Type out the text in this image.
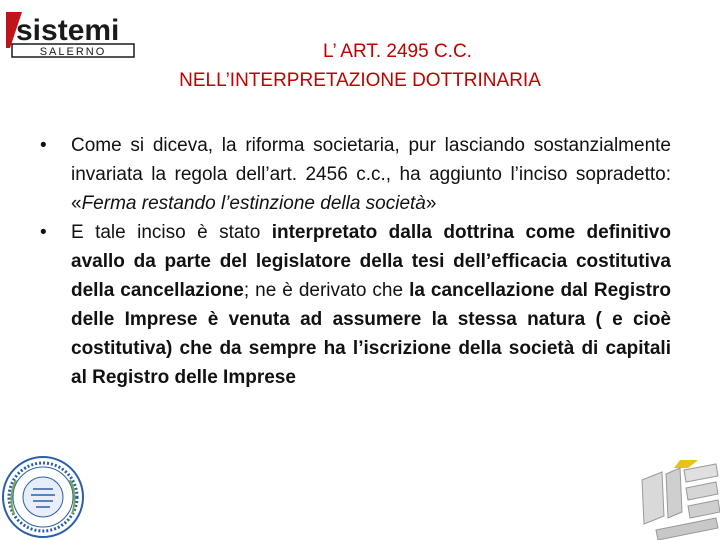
sistemi
SALERNO	L’ ART. 2495 C.C.
NELL’INTERPRETAZIONE DOTTRINARIA
• Come si diceva, la riforma societaria, pur lasciando sostanzialmente invariata la regola dell’art. 2456 c.c., ha aggiunto l’inciso sopradetto: «Ferma restando l’estinzione della società»
• E tale inciso è stato interpretato dalla dottrina come definitivo avallo da parte del legislatore della tesi dell’efficacia costitutiva della cancellazione; ne è derivato che la cancellazione dal Registro delle Imprese è venuta ad assumere la stessa natura ( e cioè costitutiva) che da sempre ha l’iscrizione della società di capitali al Registro delle Imprese
